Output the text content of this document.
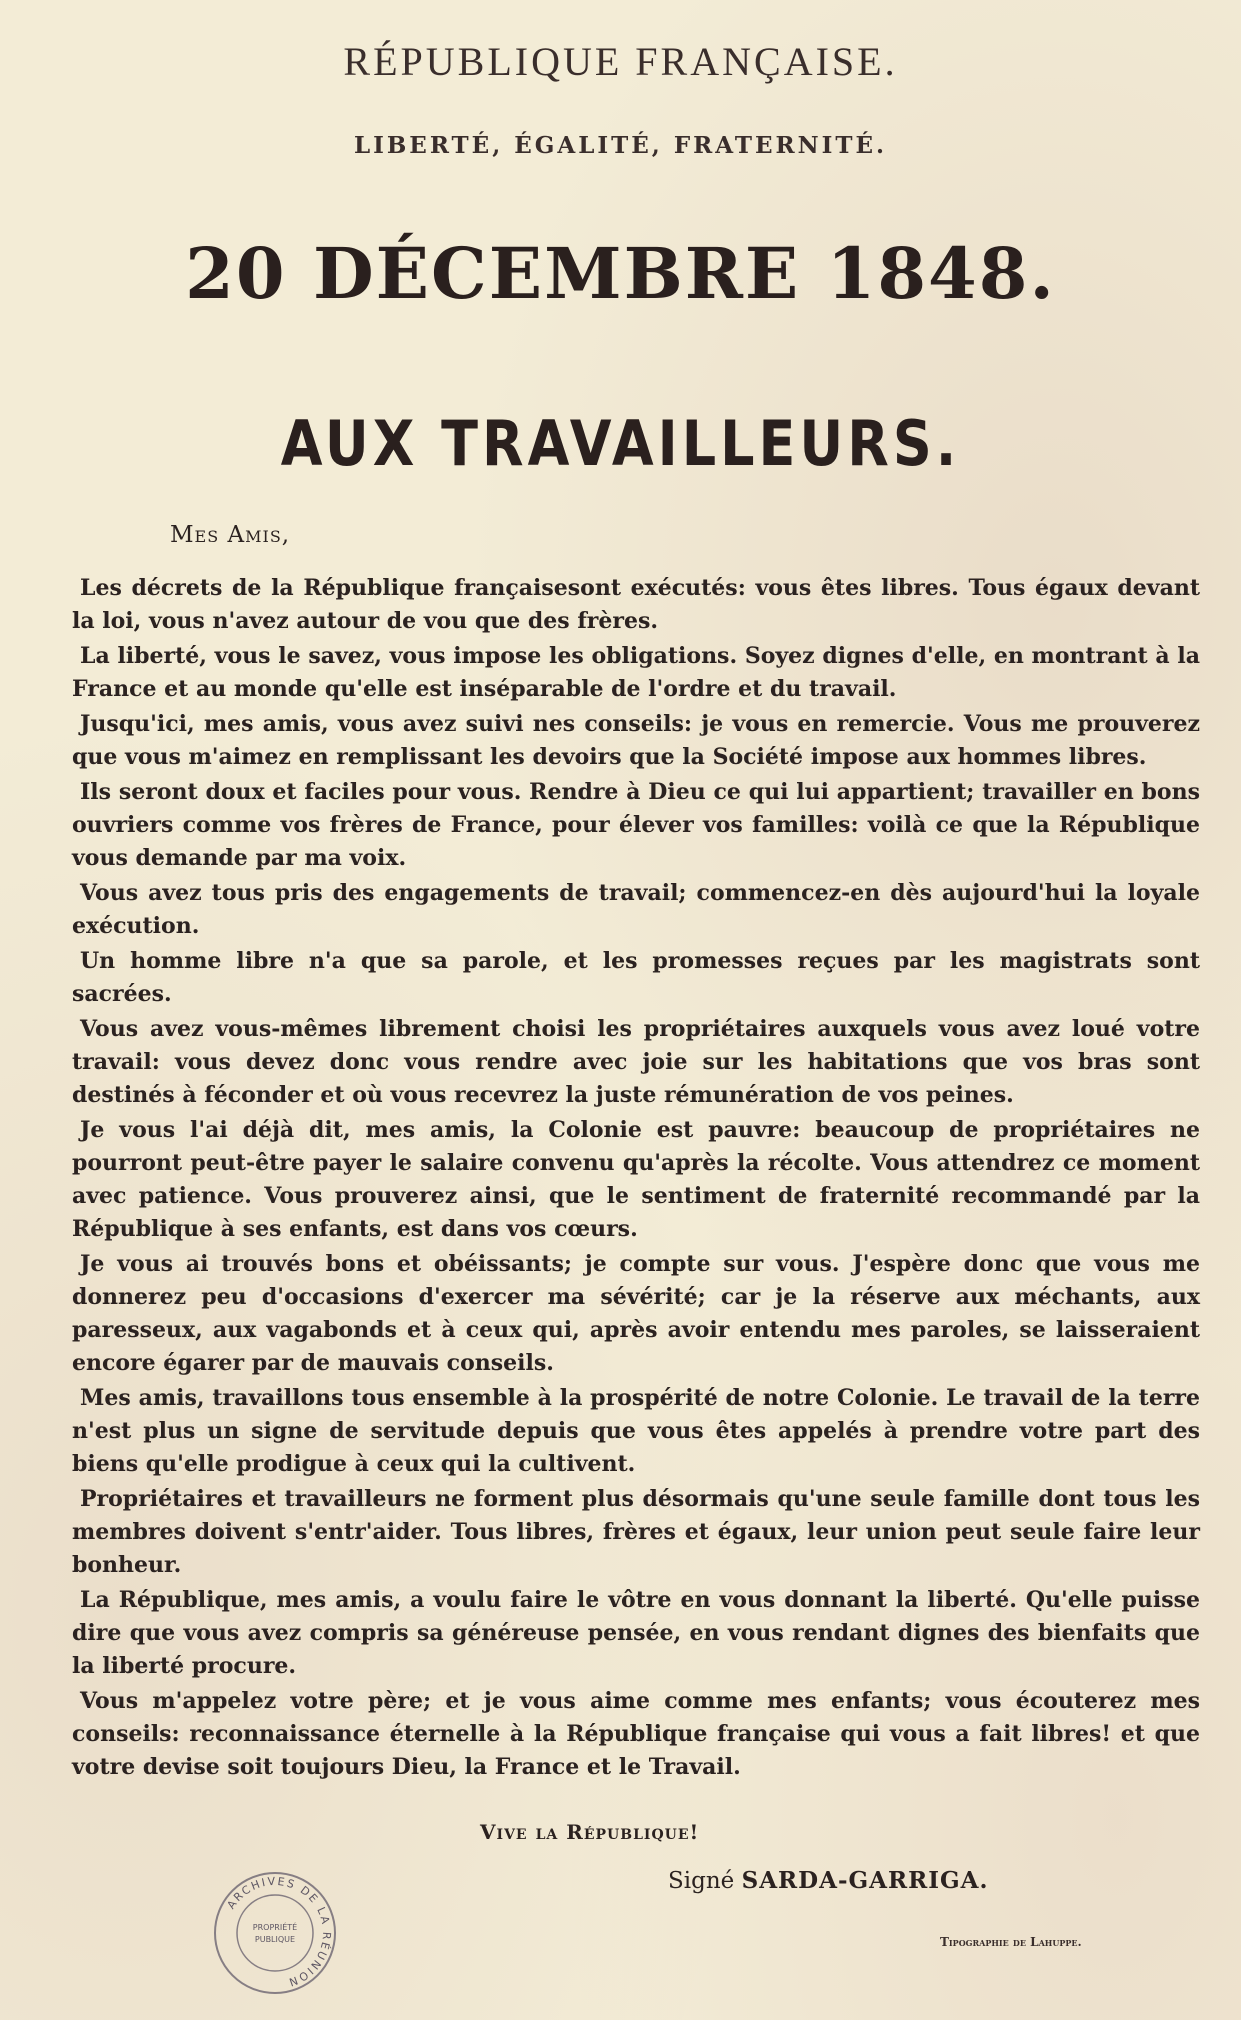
RÉPUBLIQUE FRANÇAISE.
LIBERTÉ, ÉGALITÉ, FRATERNITÉ.
20 DÉCEMBRE 1848.
AUX TRAVAILLEURS.
Mes Amis,

Les décrets de la République françaisesont exécutés: vous êtes libres. Tous égaux devant la loi, vous n'avez autour de vou que des frères.

La liberté, vous le savez, vous impose les obligations. Soyez dignes d'elle, en montrant à la France et au monde qu'elle est inséparable de l'ordre et du travail.

Jusqu'ici, mes amis, vous avez suivi nes conseils: je vous en remercie. Vous me prouverez que vous m'aimez en remplissant les devoirs que la Société impose aux hommes libres.

Ils seront doux et faciles pour vous. Rendre à Dieu ce qui lui appartient; travailler en bons ouvriers comme vos frères de France, pour élever vos familles: voilà ce que la République vous demande par ma voix.

Vous avez tous pris des engagements de travail; commencez-en dès aujourd'hui la loyale exécution.

Un homme libre n'a que sa parole, et les promesses reçues par les magistrats sont sacrées.

Vous avez vous-mêmes librement choisi les propriétaires auxquels vous avez loué votre travail: vous devez donc vous rendre avec joie sur les habitations que vos bras sont destinés à féconder et où vous recevrez la juste rémunération de vos peines.

Je vous l'ai déjà dit, mes amis, la Colonie est pauvre: beaucoup de propriétaires ne pourront peut-être payer le salaire convenu qu'après la récolte. Vous attendrez ce moment avec patience. Vous prouverez ainsi, que le sentiment de fraternité recommandé par la République à ses enfants, est dans vos cœurs.

Je vous ai trouvés bons et obéissants; je compte sur vous. J'espère donc que vous me donnerez peu d'occasions d'exercer ma sévérité; car je la réserve aux méchants, aux paresseux, aux vagabonds et à ceux qui, après avoir entendu mes paroles, se laisseraient encore égarer par de mauvais conseils.

Mes amis, travaillons tous ensemble à la prospérité de notre Colonie. Le travail de la terre n'est plus un signe de servitude depuis que vous êtes appelés à prendre votre part des biens qu'elle prodigue à ceux qui la cultivent.

Propriétaires et travailleurs ne forment plus désormais qu'une seule famille dont tous les membres doivent s'entr'aider. Tous libres, frères et égaux, leur union peut seule faire leur bonheur.

La République, mes amis, a voulu faire le vôtre en vous donnant la liberté. Qu'elle puisse dire que vous avez compris sa généreuse pensée, en vous rendant dignes des bienfaits que la liberté procure.

Vous m'appelez votre père; et je vous aime comme mes enfants; vous écouterez mes conseils: reconnaissance éternelle à la République française qui vous a fait libres! et que votre devise soit toujours Dieu, la France et le Travail.

Vive la République!
Signé SARDA-GARRIGA.
Tipographie de Lahuppe.
ARCHIVES DE LA RÉUNION
PROPRIÉTÉ
PUBLIQUE
